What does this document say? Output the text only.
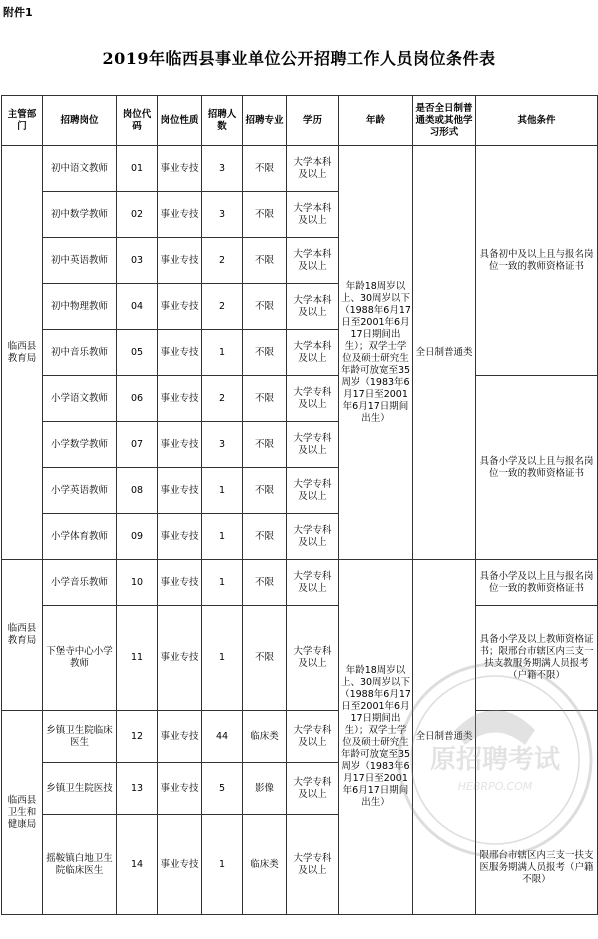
附件1
2019年临西县事业单位公开招聘工作人员岗位条件表
主管部门	招聘岗位	岗位代码	岗位性质	招聘人数	招聘专业	学历	年龄	是否全日制普通类或其他学习形式	其他条件
临西县教育局	初中语文教师	01	事业专技	3	不限	大学本科及以上	年龄18周岁以上、30周岁以下（1988年6月17日至2001年6月17日期间出生）；双学士学位及硕士研究生年龄可放宽至35周岁（1983年6月17日至2001年6月17日期间出生）	全日制普通类	具备初中及以上且与报名岗位一致的教师资格证书
	初中数学教师	02	事业专技	3	不限	大学本科及以上			
	初中英语教师	03	事业专技	2	不限	大学本科及以上			
	初中物理教师	04	事业专技	2	不限	大学本科及以上			
	初中音乐教师	05	事业专技	1	不限	大学本科及以上			
	小学语文教师	06	事业专技	2	不限	大学专科及以上			具备小学及以上且与报名岗位一致的教师资格证书
	小学数学教师	07	事业专技	3	不限	大学专科及以上			
	小学英语教师	08	事业专技	1	不限	大学专科及以上			
	小学体育教师	09	事业专技	1	不限	大学专科及以上			
临西县教育局	小学音乐教师	10	事业专技	1	不限	大学专科及以上	年龄18周岁以上、30周岁以下（1988年6月17日至2001年6月17日期间出生）；双学士学位及硕士研究生年龄可放宽至35周岁（1983年6月17日至2001年6月17日期间出生）	全日制普通类	具备小学及以上且与报名岗位一致的教师资格证书
	下堡寺中心小学教师	11	事业专技	1	不限	大学专科及以上			具备小学及以上教师资格证书；限邢台市辖区内三支一扶支教服务期满人员报考（户籍不限）
临西县卫生和健康局	乡镇卫生院临床医生	12	事业专技	44	临床类	大学专科及以上			限邢台市辖区内三支一扶支医服务期满人员报考（户籍不限）
	乡镇卫生院医技	13	事业专技	5	影像	大学专科及以上			
	摇鞍镇白地卫生院临床医生	14	事业专技	1	临床类	大学专科及以上			
原招聘考试
HEBRPO.COM
